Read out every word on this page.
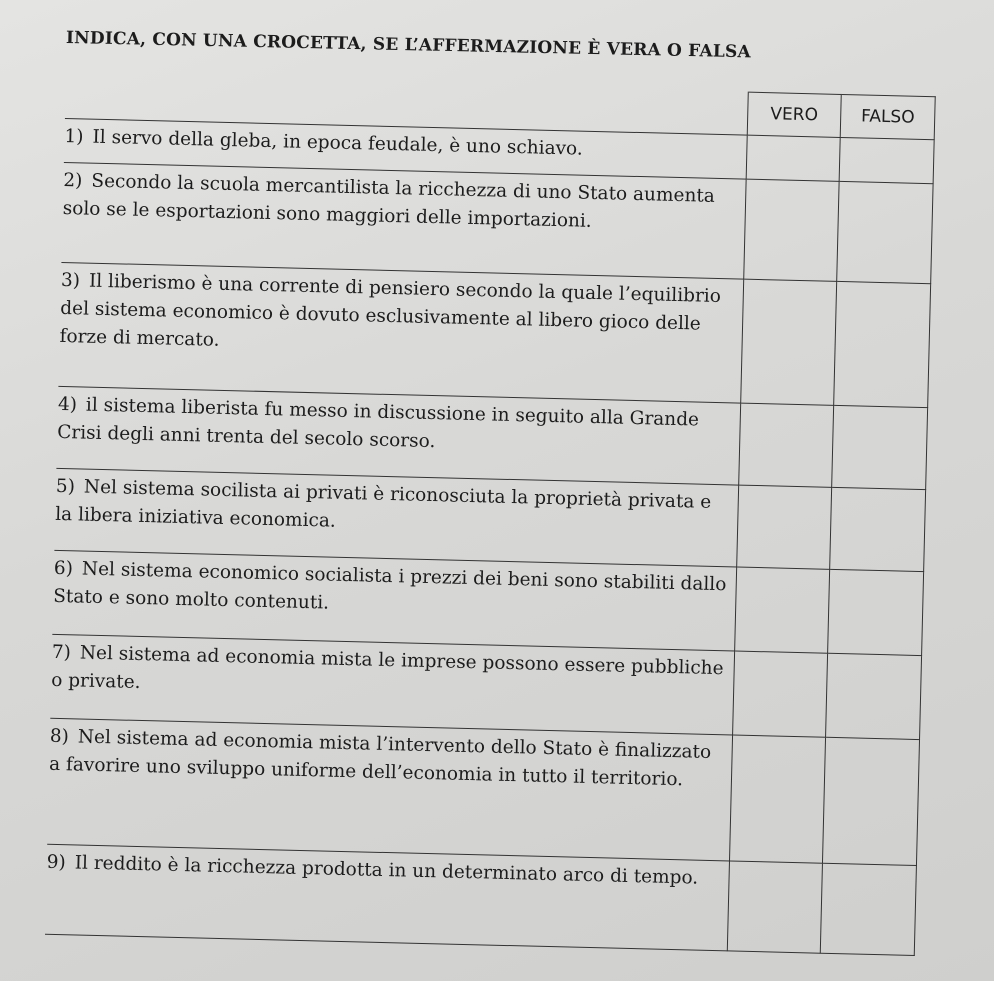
INDICA, CON UNA CROCETTA, SE L’AFFERMAZIONE È VERA O FALSA
	VERO	FALSO
1) Il servo della gleba, in epoca feudale, è uno schiavo.		
2) Secondo la scuola mercantilista la ricchezza di uno Stato aumenta solo se le esportazioni sono maggiori delle importazioni.		
3) Il liberismo è una corrente di pensiero secondo la quale l’equilibrio del sistema economico è dovuto esclusivamente al libero gioco delle forze di mercato.		
4) il sistema liberista fu messo in discussione in seguito alla Grande Crisi degli anni trenta del secolo scorso.		
5) Nel sistema socilista ai privati è riconosciuta la proprietà privata e la libera iniziativa economica.		
6) Nel sistema economico socialista i prezzi dei beni sono stabiliti dallo Stato e sono molto contenuti.		
7) Nel sistema ad economia mista le imprese possono essere pubbliche o private.		
8) Nel sistema ad economia mista l’intervento dello Stato è finalizzato a favorire uno sviluppo uniforme dell’economia in tutto il territorio.		
9) Il reddito è la ricchezza prodotta in un determinato arco di tempo.		
